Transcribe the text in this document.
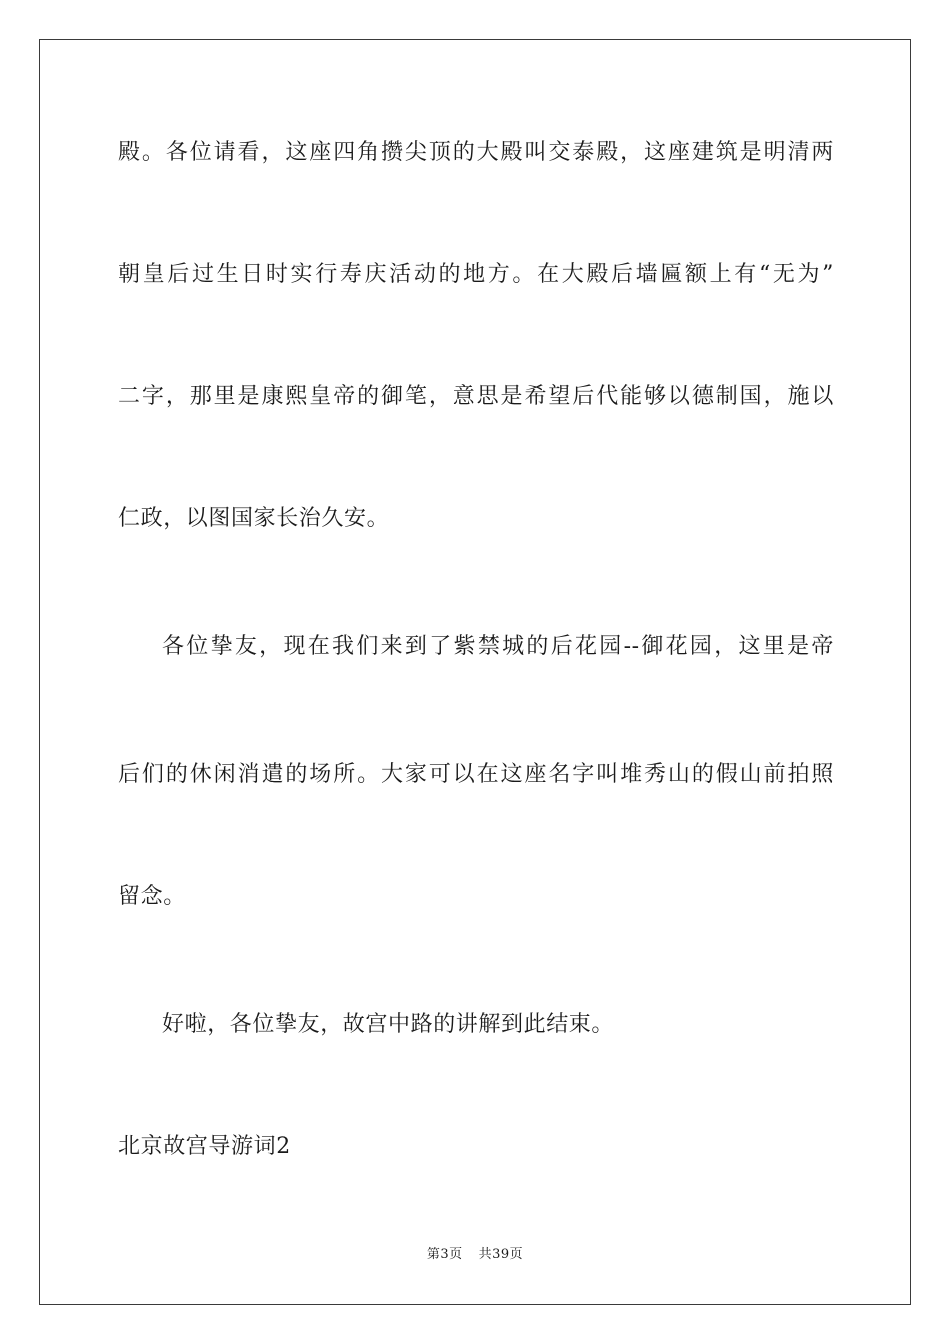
殿。各位请看，这座四角攒尖顶的大殿叫交泰殿，这座建筑是明清两
朝皇后过生日时实行寿庆活动的地方。在大殿后墙匾额上有“无为”
二字，那里是康熙皇帝的御笔，意思是希望后代能够以德制国，施以
仁政，以图国家长治久安。
各位挚友，现在我们来到了紫禁城的后花园--御花园，这里是帝
后们的休闲消遣的场所。大家可以在这座名字叫堆秀山的假山前拍照
留念。
好啦，各位挚友，故宫中路的讲解到此结束。
北京故宫导游词2
第3页 共39页
